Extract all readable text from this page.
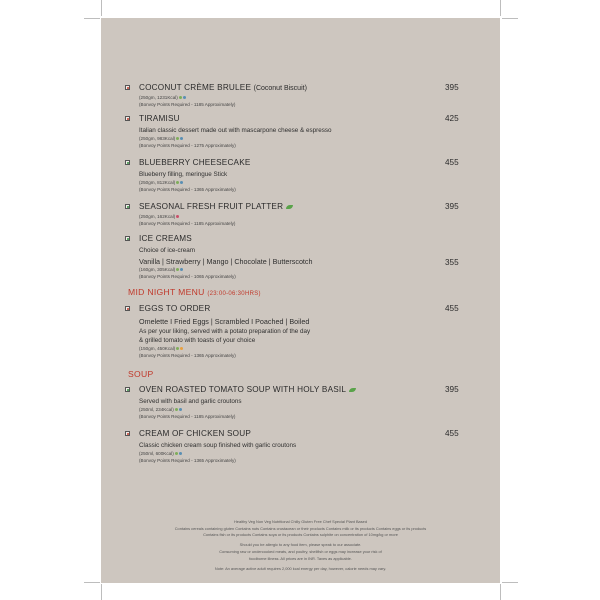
COCONUT CRÈME BRULEE (Coconut Biscuit)	395
(250gm, 1231Kcal)
(Bonvoy Points Required - 1185 Approximately)
TIRAMISU	425
Italian classic dessert made out with mascarpone cheese & espresso
(250gm, 983Kcal)
(Bonvoy Points Required - 1275 Approximately)
BLUEBERRY CHEESECAKE	455
Blueberry filling, meringue Stick
(250gm, 812Kcal)
(Bonvoy Points Required - 1365 Approximately)
SEASONAL FRESH FRUIT PLATTER	395
(250gm, 162Kcal)
(Bonvoy Points Required - 1185 Approximately)
ICE CREAMS
Choice of ice-cream
Vanilla | Strawberry | Mango | Chocolate | Butterscotch	355
(160gm, 305Kcal)
(Bonvoy Points Required - 1065 Approximately)
MID NIGHT MENU (23:00-06:30HRS)
EGGS TO ORDER	455
Omelette I Fried Eggs | Scrambled I Poached | Boiled
As per your liking, served with a potato preparation of the day
& grilled tomato with toasts of your choice
(150gm, 450Kcal)
(Bonvoy Points Required - 1365 Approximately)
SOUP
OVEN ROASTED TOMATO SOUP WITH HOLY BASIL	395
Served with basil and garlic croutons
(250ml, 234Kcal)
(Bonvoy Points Required - 1185 Approximately)
CREAM OF CHICKEN SOUP	455
Classic chicken cream soup finished with garlic croutons
(250ml, 600Kcal)
(Bonvoy Points Required - 1365 Approximately)
Healthy Veg Non Veg Nutritional Chilly Gluten Free Chef Special Plant Based
Contains cereals containing gluten Contains nuts Contains crustacean or their products Contains milk or its products Contains eggs or its products
Contains fish or its products Contains soya or its products Contains sulphite on concentration of 10mg/kg or more
Should you be allergic to any food item, please speak to our associate.
Consuming raw or undercooked meats, and poultry, shellfish or eggs may increase your risk of
foodborne illness. All prices are in INR. Taxes as applicable.
Note: An average active adult requires 2,000 kcal energy per day, however, calorie needs may vary.
